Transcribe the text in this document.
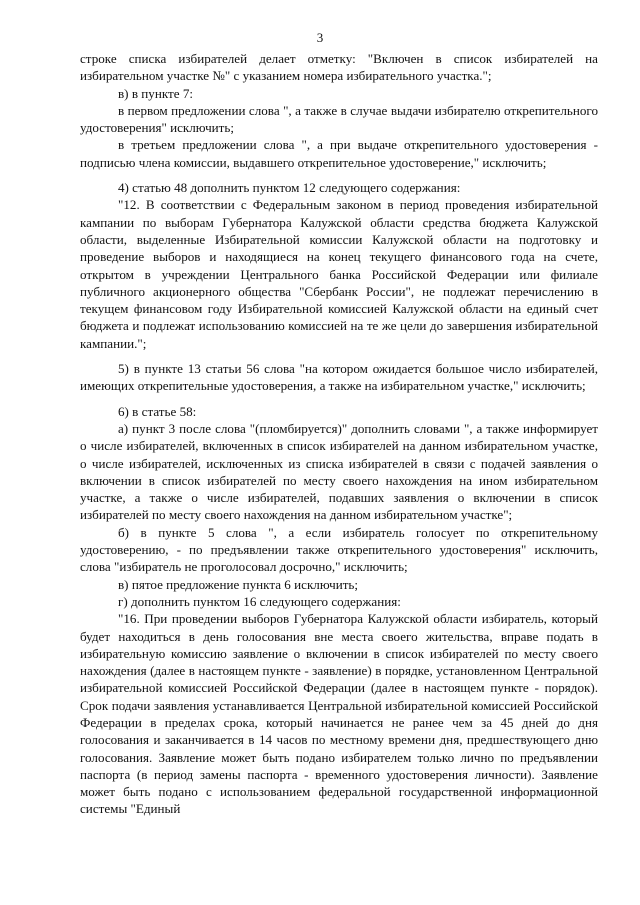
3

строке списка избирателей делает отметку: "Включен в список избирателей на избирательном участке №" с указанием номера избирательного участка.";

в) в пункте 7:

в первом предложении слова ", а также в случае выдачи избирателю открепительного удостоверения" исключить;

в третьем предложении слова ", а при выдаче открепительного удостоверения - подписью члена комиссии, выдавшего открепительное удостоверение," исключить;

4) статью 48 дополнить пунктом 12 следующего содержания:

"12. В соответствии с Федеральным законом в период проведения избирательной кампании по выборам Губернатора Калужской области средства бюджета Калужской области, выделенные Избирательной комиссии Калужской области на подготовку и проведение выборов и находящиеся на конец текущего финансового года на счете, открытом в учреждении Центрального банка Российской Федерации или филиале публичного акционерного общества "Сбербанк России", не подлежат перечислению в текущем финансовом году Избирательной комиссией Калужской области на единый счет бюджета и подлежат использованию комиссией на те же цели до завершения избирательной кампании.";

5) в пункте 13 статьи 56 слова "на котором ожидается большое число избирателей, имеющих открепительные удостоверения, а также на избирательном участке," исключить;

6) в статье 58:

а) пункт 3 после слова "(пломбируется)" дополнить словами ", а также информирует о числе избирателей, включенных в список избирателей на данном избирательном участке, о числе избирателей, исключенных из списка избирателей в связи с подачей заявления о включении в список избирателей по месту своего нахождения на ином избирательном участке, а также о числе избирателей, подавших заявления о включении в список избирателей по месту своего нахождения на данном избирательном участке";

б) в пункте 5 слова ", а если избиратель голосует по открепительному удостоверению, - по предъявлении также открепительного удостоверения" исключить, слова "избиратель не проголосовал досрочно," исключить;

в) пятое предложение пункта 6 исключить;

г) дополнить пунктом 16 следующего содержания:

"16. При проведении выборов Губернатора Калужской области избиратель, который будет находиться в день голосования вне места своего жительства, вправе подать в избирательную комиссию заявление о включении в список избирателей по месту своего нахождения (далее в настоящем пункте - заявление) в порядке, установленном Центральной избирательной комиссией Российской Федерации (далее в настоящем пункте - порядок). Срок подачи заявления устанавливается Центральной избирательной комиссией Российской Федерации в пределах срока, который начинается не ранее чем за 45 дней до дня голосования и заканчивается в 14 часов по местному времени дня, предшествующего дню голосования. Заявление может быть подано избирателем только лично по предъявлении паспорта (в период замены паспорта - временного удостоверения личности). Заявление может быть подано с использованием федеральной государственной информационной системы "Единый
